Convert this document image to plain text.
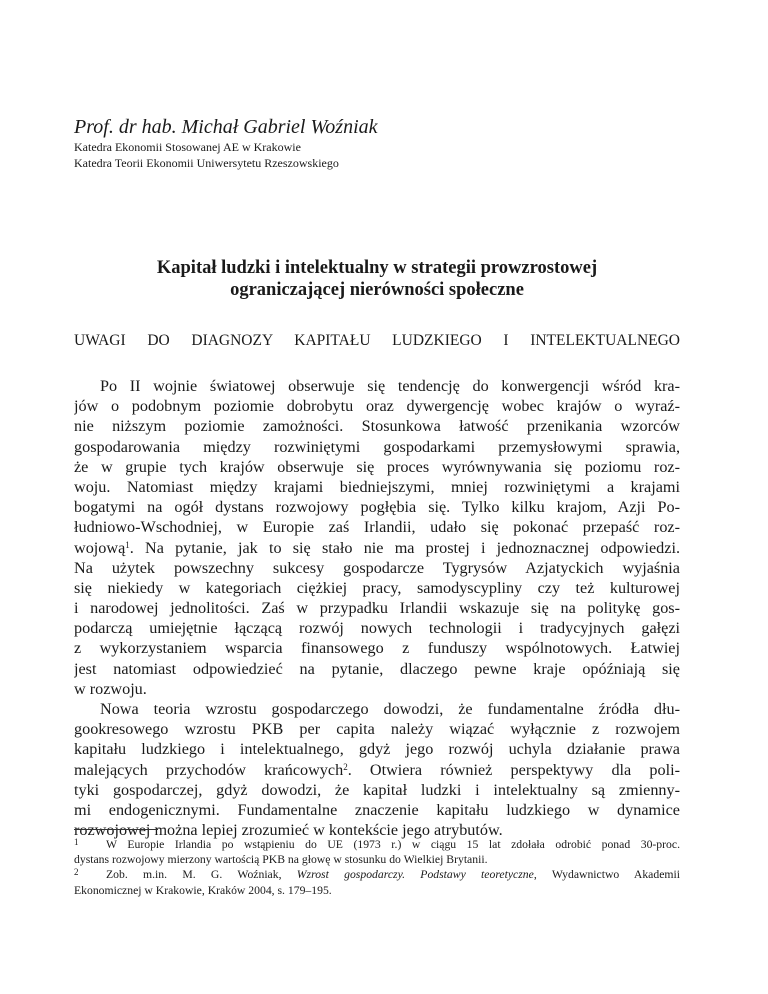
Prof. dr hab. Michał Gabriel Woźniak
Katedra Ekonomii Stosowanej AE w Krakowie
Katedra Teorii Ekonomii Uniwersytetu Rzeszowskiego
Kapitał ludzki i intelektualny w strategii prowzrostowej
ograniczającej nierówności społeczne
UWAGI DO DIAGNOZY KAPITAŁU LUDZKIEGO I INTELEKTUALNEGO
Po II wojnie światowej obserwuje się tendencję do konwergencji wśród kra-
jów o podobnym poziomie dobrobytu oraz dywergencję wobec krajów o wyraź-
nie niższym poziomie zamożności. Stosunkowa łatwość przenikania wzorców
gospodarowania między rozwiniętymi gospodarkami przemysłowymi sprawia,
że w grupie tych krajów obserwuje się proces wyrównywania się poziomu roz-
woju. Natomiast między krajami biedniejszymi, mniej rozwiniętymi a krajami
bogatymi na ogół dystans rozwojowy pogłębia się. Tylko kilku krajom, Azji Po-
łudniowo-Wschodniej, w Europie zaś Irlandii, udało się pokonać przepaść roz-
wojową$^1$. Na pytanie, jak to się stało nie ma prostej i jednoznacznej odpowiedzi.
Na użytek powszechny sukcesy gospodarcze Tygrysów Azjatyckich wyjaśnia
się niekiedy w kategoriach ciężkiej pracy, samodyscypliny czy też kulturowej
i narodowej jednolitości. Zaś w przypadku Irlandii wskazuje się na politykę gos-
podarczą umiejętnie łączącą rozwój nowych technologii i tradycyjnych gałęzi
z wykorzystaniem wsparcia finansowego z funduszy wspólnotowych. Łatwiej
jest natomiast odpowiedzieć na pytanie, dlaczego pewne kraje opóźniają się
w rozwoju.
Nowa teoria wzrostu gospodarczego dowodzi, że fundamentalne źródła dłu-
gookresowego wzrostu PKB per capita należy wiązać wyłącznie z rozwojem
kapitału ludzkiego i intelektualnego, gdyż jego rozwój uchyla działanie prawa
malejących przychodów krańcowych$^2$. Otwiera również perspektywy dla poli-
tyki gospodarczej, gdyż dowodzi, że kapitał ludzki i intelektualny są zmienny-
mi endogenicznymi. Fundamentalne znaczenie kapitału ludzkiego w dynamice
rozwojowej można lepiej zrozumieć w kontekście jego atrybutów.
$^1$ W Europie Irlandia po wstąpieniu do UE (1973 r.) w ciągu 15 lat zdołała odrobić ponad 30-proc.
dystans rozwojowy mierzony wartością PKB na głowę w stosunku do Wielkiej Brytanii.
$^2$ Zob. m.in. M. G. Woźniak, Wzrost gospodarczy. Podstawy teoretyczne, Wydawnictwo Akademii
Ekonomicznej w Krakowie, Kraków 2004, s. 179–195.
